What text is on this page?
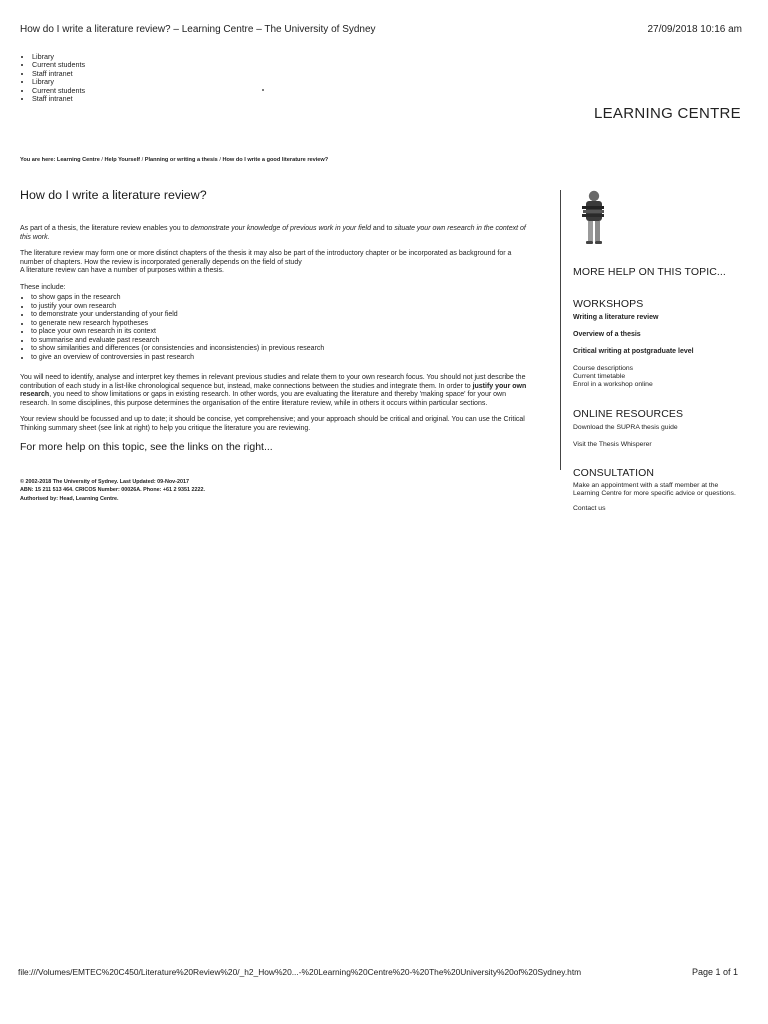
How do I write a literature review? – Learning Centre – The University of Sydney	27/09/2018 10:16 am
• Library
• Current students
• Staff intranet
• Library
• Current students
• Staff intranet
LEARNING CENTRE
You are here: Learning Centre / Help Yourself / Planning or writing a thesis / How do I write a good literature review?
How do I write a literature review?

As part of a thesis, the literature review enables you to demonstrate your knowledge of previous work in your field and to situate your own research in the context of this work.

The literature review may form one or more distinct chapters of the thesis it may also be part of the introductory chapter or be incorporated as background for a number of chapters. How the review is incorporated generally depends on the field of study
A literature review can have a number of purposes within a thesis.

These include:

• to show gaps in the research
• to justify your own research
• to demonstrate your understanding of your field
• to generate new research hypotheses
• to place your own research in its context
• to summarise and evaluate past research
• to show similarities and differences (or consistencies and inconsistencies) in previous research
• to give an overview of controversies in past research

You will need to identify, analyse and interpret key themes in relevant previous studies and relate them to your own research focus. You should not just describe the contribution of each study in a list-like chronological sequence but, instead, make connections between the studies and integrate them. In order to justify your own research, you need to show limitations or gaps in existing research. In other words, you are evaluating the literature and thereby 'making space' for your own research. In some disciplines, this purpose determines the organisation of the entire literature review, while in others it occurs within particular sections.

Your review should be focussed and up to date; it should be concise, yet comprehensive; and your approach should be critical and original. You can use the Critical Thinking summary sheet (see link at right) to help you critique the literature you are reviewing.

For more help on this topic, see the links on the right...
© 2002-2018 The University of Sydney. Last Updated: 09-Nov-2017
ABN: 15 211 513 464. CRICOS Number: 00026A. Phone: +61 2 9351 2222.
Authorised by: Head, Learning Centre.
MORE HELP ON THIS TOPIC...
WORKSHOPS
Writing a literature review
Overview of a thesis
Critical writing at postgraduate level
Course descriptions
Current timetable
Enrol in a workshop online
ONLINE RESOURCES
Download the SUPRA thesis guide
Visit the Thesis Whisperer
CONSULTATION
Make an appointment with a staff member at the Learning Centre for more specific advice or questions.
Contact us
file:///Volumes/EMTEC%20C450/Literature%20Review%20/_h2_How%20...-%20Learning%20Centre%20-%20The%20University%20of%20Sydney.htm	Page 1 of 1
